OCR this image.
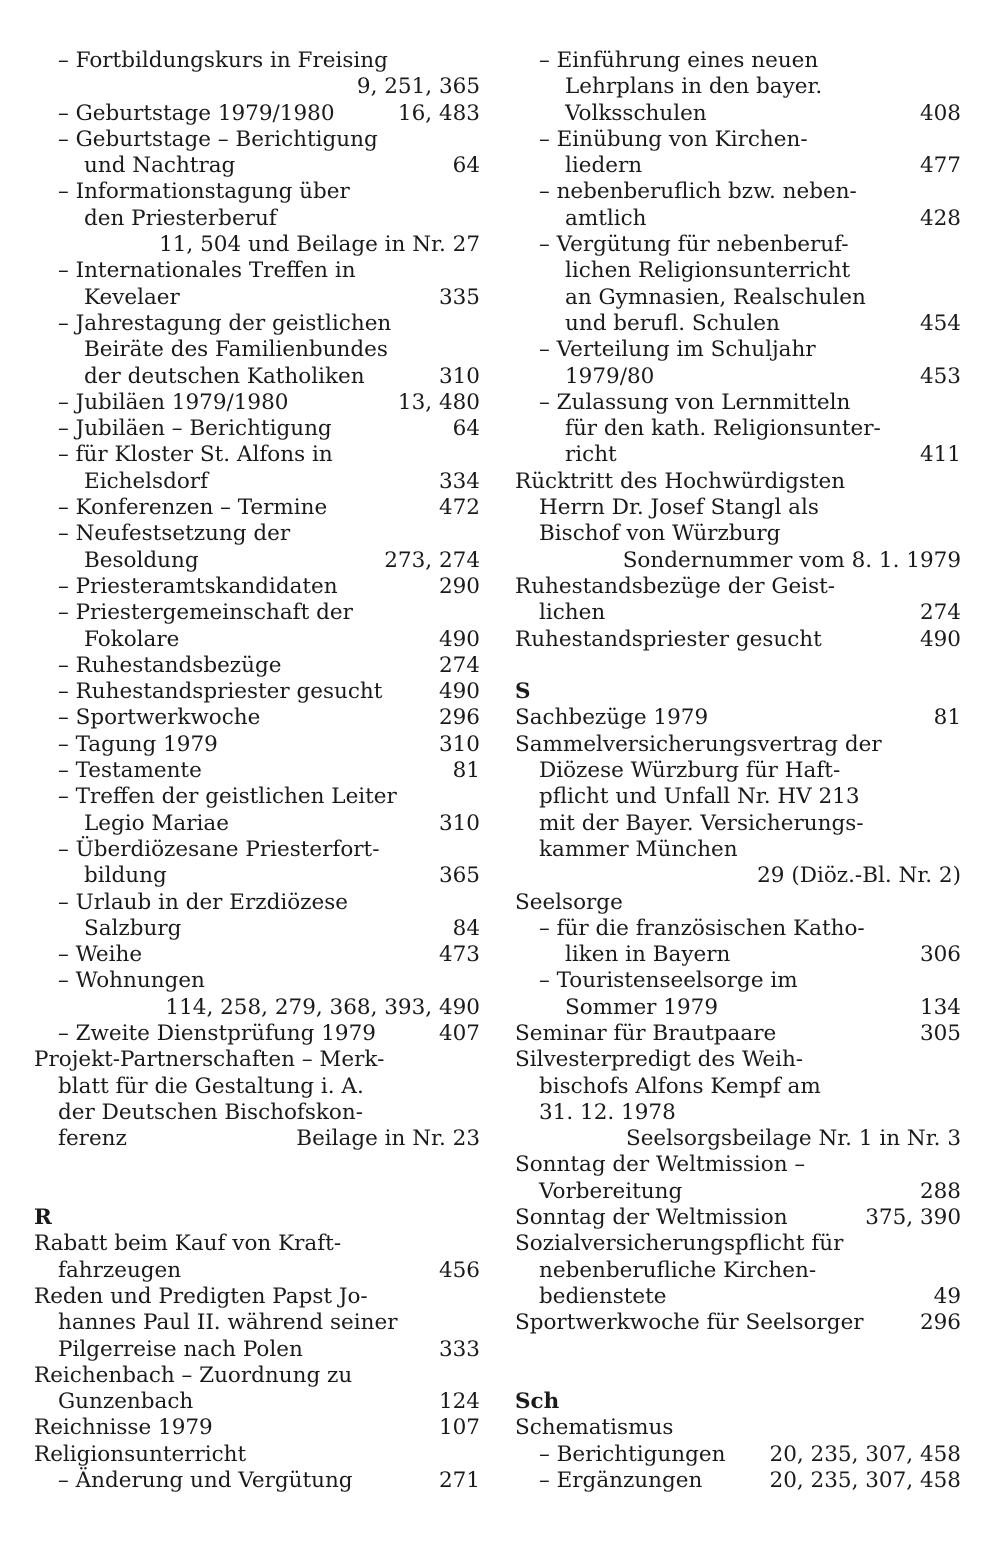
– Fortbildungskurs in Freising
9, 251, 365
– Geburtstage 1979/1980	16, 483
– Geburtstage – Berichtigung
und Nachtrag	64
– Informationstagung über
den Priesterberuf
11, 504 und Beilage in Nr. 27
– Internationales Treffen in
Kevelaer	335
– Jahrestagung der geistlichen
Beiräte des Familienbundes
der deutschen Katholiken	310
– Jubiläen 1979/1980	13, 480
– Jubiläen – Berichtigung	64
– für Kloster St. Alfons in
Eichelsdorf	334
– Konferenzen – Termine	472
– Neufestsetzung der
Besoldung	273, 274
– Priesteramtskandidaten	290
– Priestergemeinschaft der
Fokolare	490
– Ruhestandsbezüge	274
– Ruhestandspriester gesucht	490
– Sportwerkwoche	296
– Tagung 1979	310
– Testamente	81
– Treffen der geistlichen Leiter
Legio Mariae	310
– Überdiözesane Priesterfort-
bildung	365
– Urlaub in der Erzdiözese
Salzburg	84
– Weihe	473
– Wohnungen
114, 258, 279, 368, 393, 490
– Zweite Dienstprüfung 1979	407
Projekt-Partnerschaften – Merk-
blatt für die Gestaltung i. A.
der Deutschen Bischofskon-
ferenz	Beilage in Nr. 23
R
Rabatt beim Kauf von Kraft-
fahrzeugen	456
Reden und Predigten Papst Jo-
hannes Paul II. während seiner
Pilgerreise nach Polen	333
Reichenbach – Zuordnung zu
Gunzenbach	124
Reichnisse 1979	107
Religionsunterricht
– Änderung und Vergütung	271
– Einführung eines neuen
Lehrplans in den bayer.
Volksschulen	408
– Einübung von Kirchen-
liedern	477
– nebenberuflich bzw. neben-
amtlich	428
– Vergütung für nebenberuf-
lichen Religionsunterricht
an Gymnasien, Realschulen
und berufl. Schulen	454
– Verteilung im Schuljahr
1979/80	453
– Zulassung von Lernmitteln
für den kath. Religionsunter-
richt	411
Rücktritt des Hochwürdigsten
Herrn Dr. Josef Stangl als
Bischof von Würzburg
Sondernummer vom 8. 1. 1979
Ruhestandsbezüge der Geist-
lichen	274
Ruhestandspriester gesucht	490
S
Sachbezüge 1979	81
Sammelversicherungsvertrag der
Diözese Würzburg für Haft-
pflicht und Unfall Nr. HV 213
mit der Bayer. Versicherungs-
kammer München
29 (Diöz.-Bl. Nr. 2)
Seelsorge
– für die französischen Katho-
liken in Bayern	306
– Touristenseelsorge im
Sommer 1979	134
Seminar für Brautpaare	305
Silvesterpredigt des Weih-
bischofs Alfons Kempf am
31. 12. 1978
Seelsorgsbeilage Nr. 1 in Nr. 3
Sonntag der Weltmission –
Vorbereitung	288
Sonntag der Weltmission	375, 390
Sozialversicherungspflicht für
nebenberufliche Kirchen-
bedienstete	49
Sportwerkwoche für Seelsorger	296
Sch
Schematismus
– Berichtigungen 20, 235, 307, 458
– Ergänzungen	20, 235, 307, 458
